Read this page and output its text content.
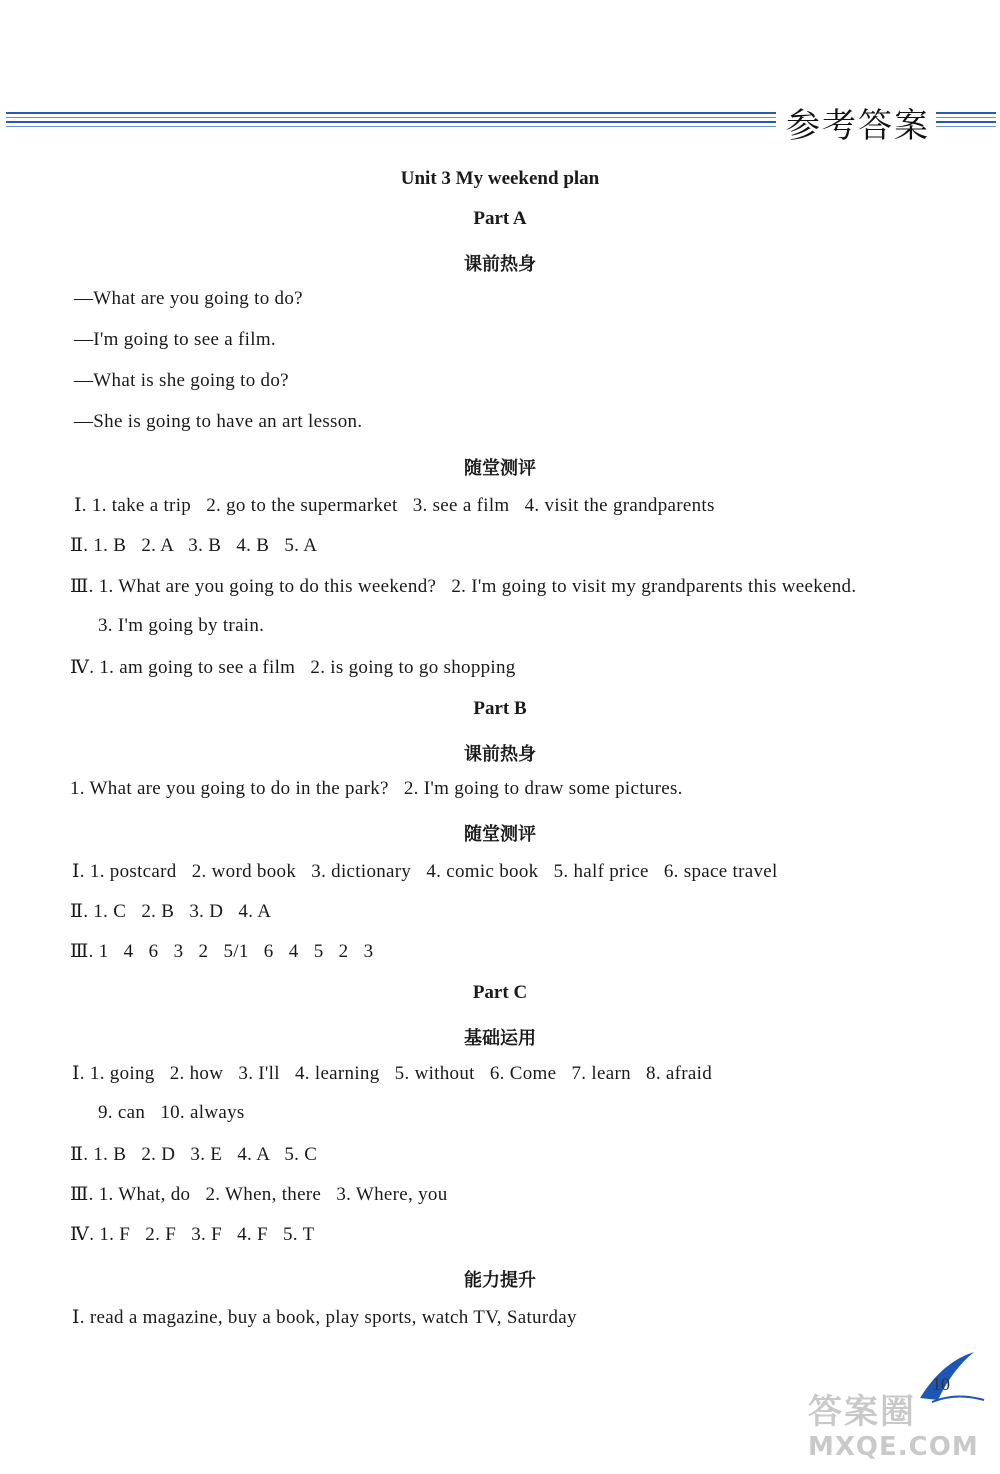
参考答案
Unit 3 My weekend plan
Part A
课前热身
—What are you going to do?
—I'm going to see a film.
—What is she going to do?
—She is going to have an art lesson.
随堂测评
Ⅰ. 1. take a trip   2. go to the supermarket   3. see a film   4. visit the grandparents
Ⅱ. 1. B   2. A   3. B   4. B   5. A
Ⅲ. 1. What are you going to do this weekend?   2. I'm going to visit my grandparents this weekend.
3. I'm going by train.
Ⅳ. 1. am going to see a film   2. is going to go shopping
Part B
课前热身
1. What are you going to do in the park?   2. I'm going to draw some pictures.
随堂测评
Ⅰ. 1. postcard   2. word book   3. dictionary   4. comic book   5. half price   6. space travel
Ⅱ. 1. C   2. B   3. D   4. A
Ⅲ. 1   4   6   3   2   5/1   6   4   5   2   3
Part C
基础运用
Ⅰ. 1. going   2. how   3. I'll   4. learning   5. without   6. Come   7. learn   8. afraid
9. can   10. always
Ⅱ. 1. B   2. D   3. E   4. A   5. C
Ⅲ. 1. What, do   2. When, there   3. Where, you
Ⅳ. 1. F   2. F   3. F   4. F   5. T
能力提升
Ⅰ. read a magazine, buy a book, play sports, watch TV, Saturday
10
答案圈
MXQE.COM
